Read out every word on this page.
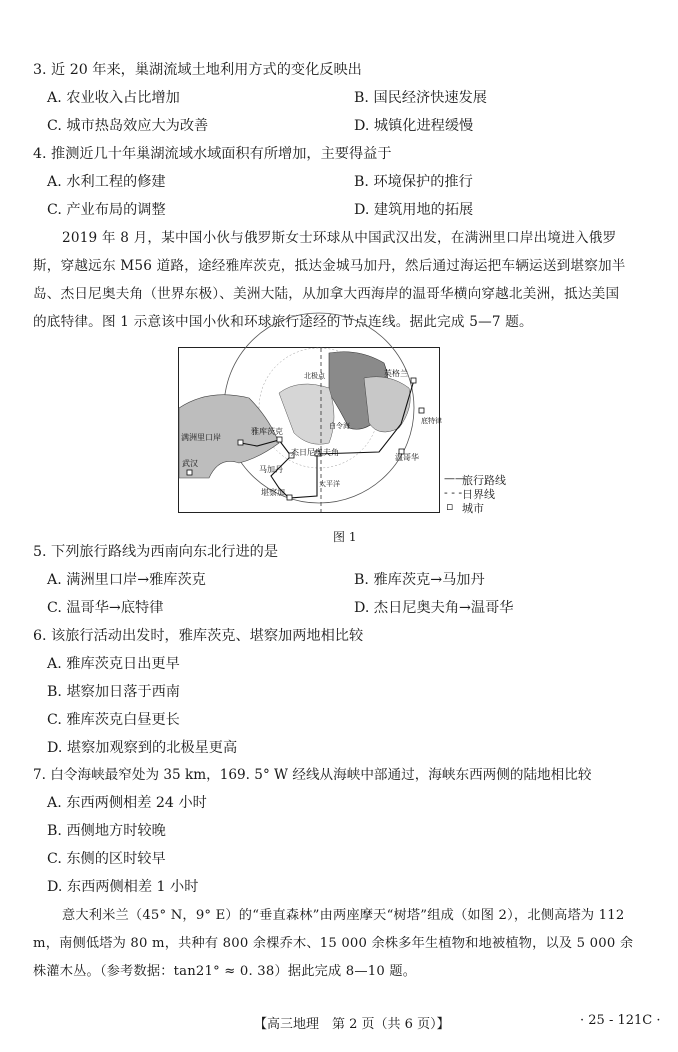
3. 近 20 年来，巢湖流域土地利用方式的变化反映出
A. 农业收入占比增加	B. 国民经济快速发展
C. 城市热岛效应大为改善	D. 城镇化进程缓慢
4. 推测近几十年巢湖流域水域面积有所增加，主要得益于
A. 水利工程的修建	B. 环境保护的推行
C. 产业布局的调整	D. 建筑用地的拓展
2019 年 8 月，某中国小伙与俄罗斯女士环球从中国武汉出发，在满洲里口岸出境进入俄罗
斯，穿越远东 M56 道路，途经雅库茨克，抵达金城马加丹，然后通过海运把车辆运送到堪察加半
岛、杰日尼奥夫角（世界东极）、美洲大陆，从加拿大西海岸的温哥华横向穿越北美洲，抵达美国
的底特律。图 1 示意该中国小伙和环球旅行途经的节点连线。据此完成 5—7 题。
满洲里口岸
雅库茨克
武汉
马加丹
堪察加
杰日尼奥夫角
温哥华
英格兰
底特律
北极点
白令海
太平洋	——
旅行路线
- - - 日界线
▫ 城市
图 1
5. 下列旅行路线为西南向东北行进的是
A. 满洲里口岸→雅库茨克	B. 雅库茨克→马加丹
C. 温哥华→底特律	D. 杰日尼奥夫角→温哥华
6. 该旅行活动出发时，雅库茨克、堪察加两地相比较
A. 雅库茨克日出更早
B. 堪察加日落于西南
C. 雅库茨克白昼更长
D. 堪察加观察到的北极星更高
7. 白令海峡最窄处为 35 km，169. 5° W 经线从海峡中部通过，海峡东西两侧的陆地相比较
A. 东西两侧相差 24 小时
B. 西侧地方时较晚
C. 东侧的区时较早
D. 东西两侧相差 1 小时
意大利米兰（45° N，9° E）的“垂直森林”由两座摩天“树塔”组成（如图 2），北侧高塔为 112
m，南侧低塔为 80 m，共种有 800 余棵乔木、15 000 余株多年生植物和地被植物，以及 5 000 余
株灌木丛。（参考数据：tan21° ≈ 0. 38）据此完成 8—10 题。
【高三地理　第 2 页（共 6 页）】	· 25 - 121C ·
